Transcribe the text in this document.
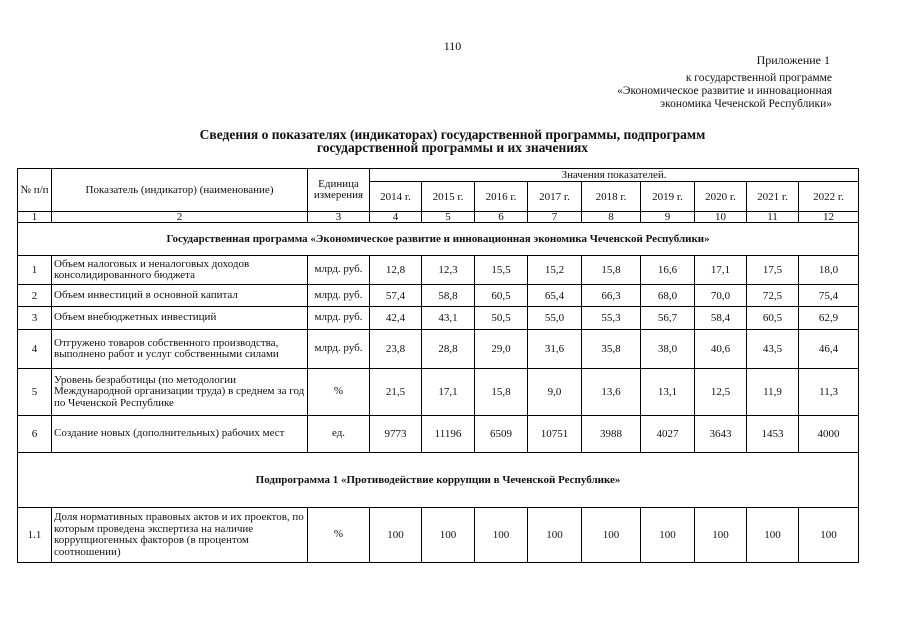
110
Приложение 1
к государственной программе
«Экономическое развитие и инновационная
экономика Чеченской Республики»
Сведения о показателях (индикаторах) государственной программы, подпрограмм
государственной программы и их значениях
№ п/п	Показатель (индикатор) (наименование)	Единица измерения	Значения показателей.								
			2014 г.	2015 г.	2016 г.	2017 г.	2018 г.	2019 г.	2020 г.	2021 г.	2022 г.
1	2	3	4	5	6	7	8	9	10	11	12
Государственная программа «Экономическое развитие и инновационная экономика Чеченской Республики»											
1	Объем налоговых и неналоговых доходов консолидированного бюджета	млрд. руб.	12,8	12,3	15,5	15,2	15,8	16,6	17,1	17,5	18,0
2	Объем инвестиций в основной капитал	млрд. руб.	57,4	58,8	60,5	65,4	66,3	68,0	70,0	72,5	75,4
3	Объем внебюджетных инвестиций	млрд. руб.	42,4	43,1	50,5	55,0	55,3	56,7	58,4	60,5	62,9
4	Отгружено товаров собственного производства, выполнено работ и услуг собственными силами	млрд. руб.	23,8	28,8	29,0	31,6	35,8	38,0	40,6	43,5	46,4
5	Уровень безработицы (по методологии Международной организации труда) в среднем за год по Чеченской Республике	%	21,5	17,1	15,8	9,0	13,6	13,1	12,5	11,9	11,3
6	Создание новых (дополнительных) рабочих мест	ед.	9773	11196	6509	10751	3988	4027	3643	1453	4000
Подпрограмма 1 «Противодействие коррупции в Чеченской Республике»											
1.1	Доля нормативных правовых актов и их проектов, по которым проведена экспертиза на наличие коррупциогенных факторов (в процентом соотношении)	%	100	100	100	100	100	100	100	100	100
